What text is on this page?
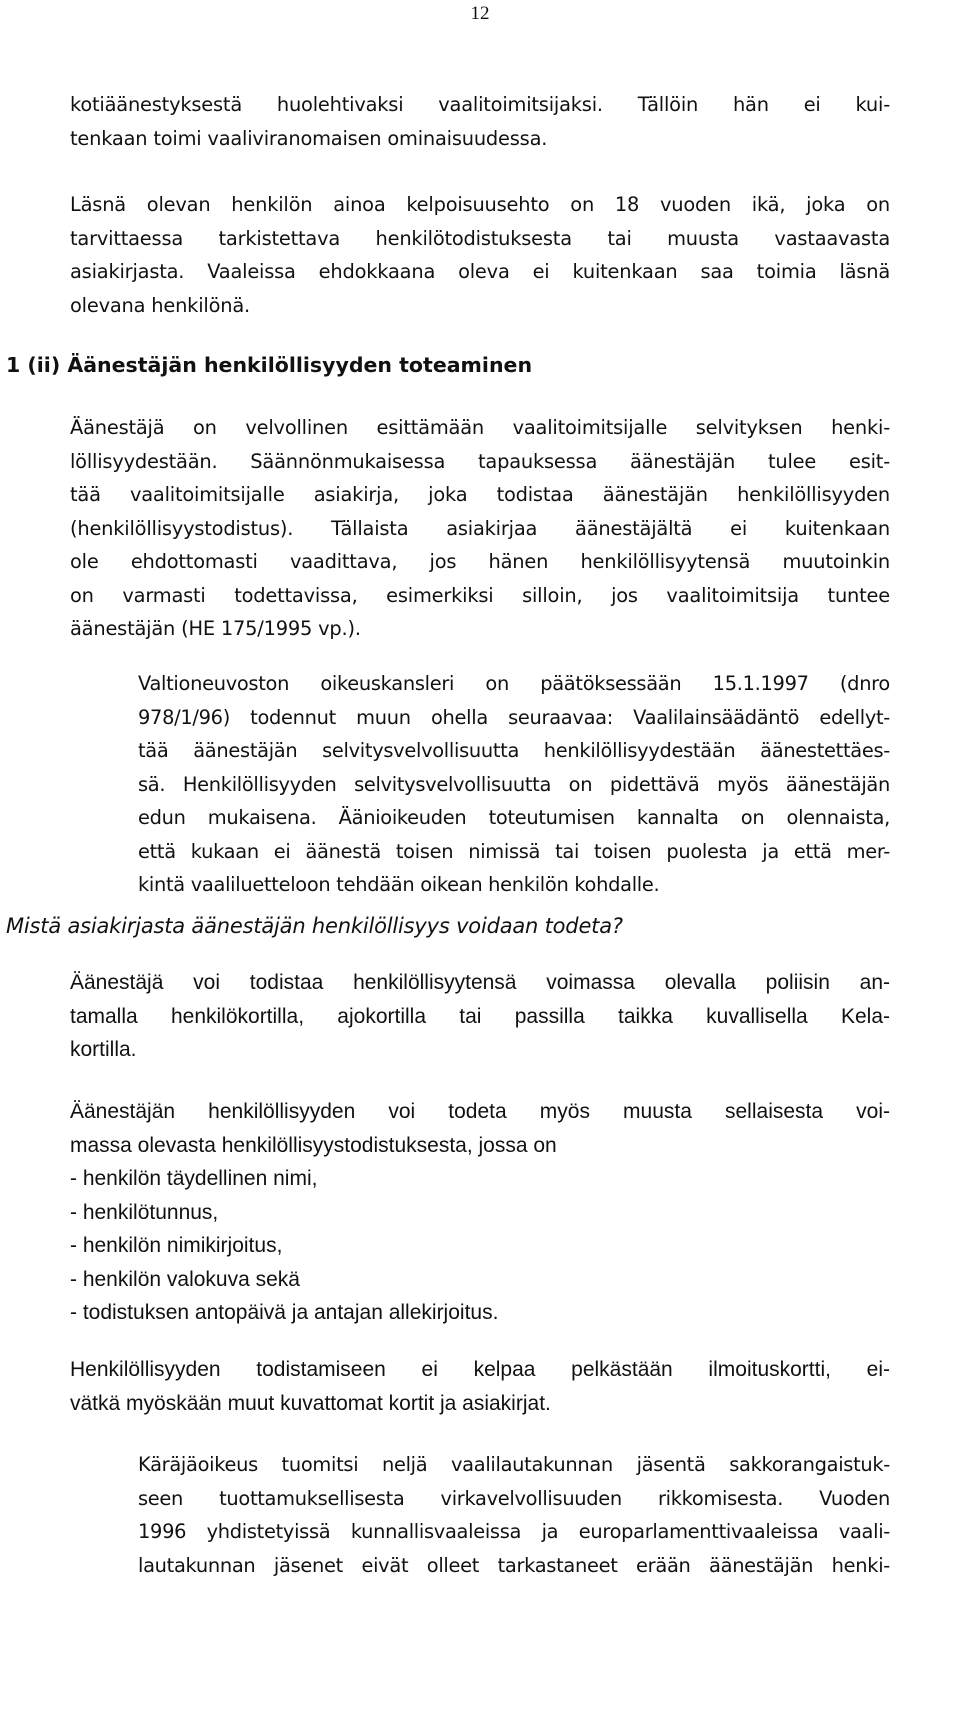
12
kotiäänestyksestä huolehtivaksi vaalitoimitsijaksi. Tällöin hän ei kui-
tenkaan toimi vaaliviranomaisen ominaisuudessa.
Läsnä olevan henkilön ainoa kelpoisuusehto on 18 vuoden ikä, joka on
tarvittaessa tarkistettava henkilötodistuksesta tai muusta vastaavasta
asiakirjasta. Vaaleissa ehdokkaana oleva ei kuitenkaan saa toimia läsnä
olevana henkilönä.
1 (ii) Äänestäjän henkilöllisyyden toteaminen
Äänestäjä on velvollinen esittämään vaalitoimitsijalle selvityksen henki-
löllisyydestään. Säännönmukaisessa tapauksessa äänestäjän tulee esit-
tää vaalitoimitsijalle asiakirja, joka todistaa äänestäjän henkilöllisyyden
(henkilöllisyystodistus). Tällaista asiakirjaa äänestäjältä ei kuitenkaan
ole ehdottomasti vaadittava, jos hänen henkilöllisyytensä muutoinkin
on varmasti todettavissa, esimerkiksi silloin, jos vaalitoimitsija tuntee
äänestäjän (HE 175/1995 vp.).
Valtioneuvoston oikeuskansleri on päätöksessään 15.1.1997 (dnro
978/1/96) todennut muun ohella seuraavaa: Vaalilainsäädäntö edellyt-
tää äänestäjän selvitysvelvollisuutta henkilöllisyydestään äänestettäes-
sä. Henkilöllisyyden selvitysvelvollisuutta on pidettävä myös äänestäjän
edun mukaisena. Äänioikeuden toteutumisen kannalta on olennaista,
että kukaan ei äänestä toisen nimissä tai toisen puolesta ja että mer-
kintä vaaliluetteloon tehdään oikean henkilön kohdalle.
Mistä asiakirjasta äänestäjän henkilöllisyys voidaan todeta?
Äänestäjä voi todistaa henkilöllisyytensä voimassa olevalla poliisin an-
tamalla henkilökortilla, ajokortilla tai passilla taikka kuvallisella Kela-
kortilla.
Äänestäjän henkilöllisyyden voi todeta myös muusta sellaisesta voi-
massa olevasta henkilöllisyystodistuksesta, jossa on
- henkilön täydellinen nimi,
- henkilötunnus,
- henkilön nimikirjoitus,
- henkilön valokuva sekä
- todistuksen antopäivä ja antajan allekirjoitus.
Henkilöllisyyden todistamiseen ei kelpaa pelkästään ilmoituskortti, ei-
vätkä myöskään muut kuvattomat kortit ja asiakirjat.
Käräjäoikeus tuomitsi neljä vaalilautakunnan jäsentä sakkorangaistuk-
seen tuottamuksellisesta virkavelvollisuuden rikkomisesta. Vuoden
1996 yhdistetyissä kunnallisvaaleissa ja europarlamenttivaaleissa vaali-
lautakunnan jäsenet eivät olleet tarkastaneet erään äänestäjän henki-
